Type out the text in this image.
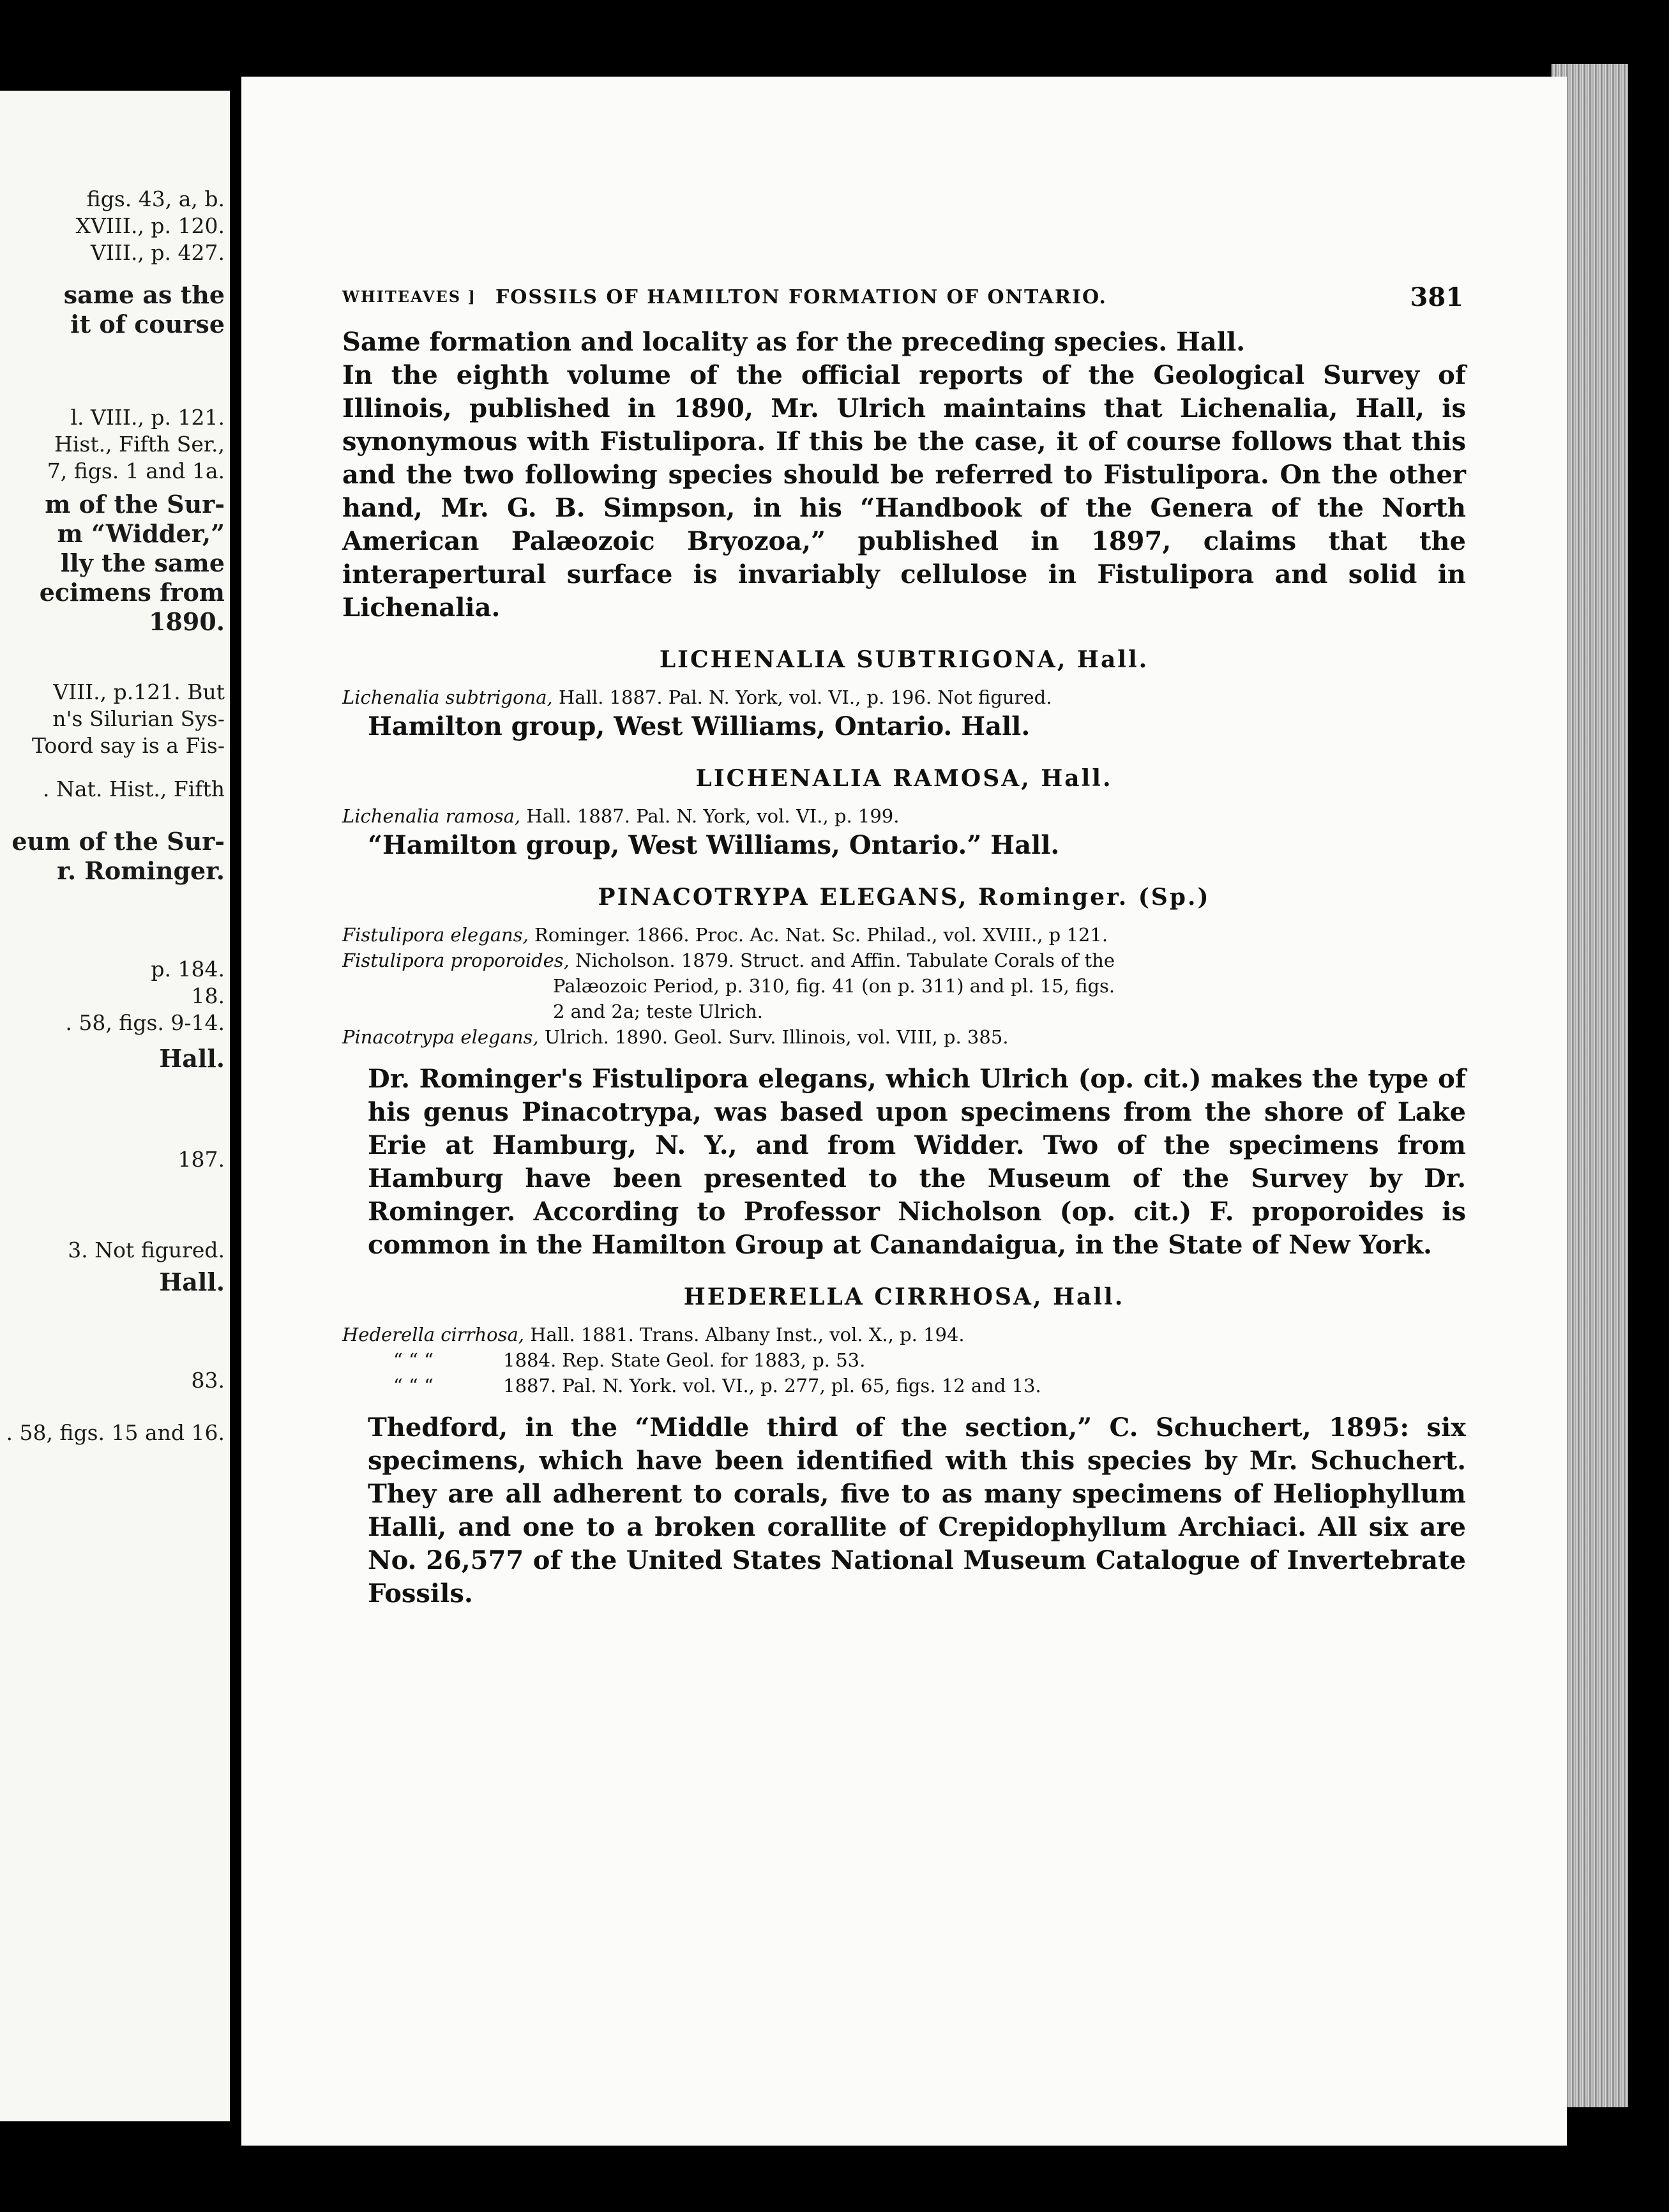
figs. 43, a, b.
XVIII., p. 120.
VIII., p. 427.
same as the
it of course
l. VIII., p. 121.
Hist., Fifth Ser.,
7, figs. 1 and 1a.
m of the Sur-
m “Widder,”
lly the same
ecimens from
1890.
VIII., p.121. But
n's Silurian Sys-
Toord say is a Fis-
. Nat. Hist., Fifth
eum of the Sur-
r. Rominger.
p. 184.
18.
. 58, figs. 9-14.
Hall.
187.
3. Not figured.
Hall.
83.
. 58, figs. 15 and 16.
WHITEAVES ] FOSSILS OF HAMILTON FORMATION OF ONTARIO.	381

Same formation and locality as for the preceding species. Hall.

In the eighth volume of the official reports of the Geological Survey of Illinois, published in 1890, Mr. Ulrich maintains that Lichenalia, Hall, is synonymous with Fistulipora. If this be the case, it of course follows that this and the two following species should be referred to Fistulipora. On the other hand, Mr. G. B. Simpson, in his “Handbook of the Genera of the North American Palæozoic Bryozoa,” published in 1897, claims that the interapertural surface is invariably cellulose in Fistulipora and solid in Lichenalia.

LICHENALIA SUBTRIGONA, Hall.

Lichenalia subtrigona, Hall. 1887. Pal. N. York, vol. VI., p. 196. Not figured.

Hamilton group, West Williams, Ontario. Hall.

LICHENALIA RAMOSA, Hall.

Lichenalia ramosa, Hall. 1887. Pal. N. York, vol. VI., p. 199.

“Hamilton group, West Williams, Ontario.” Hall.

PINACOTRYPA ELEGANS, Rominger. (Sp.)

Fistulipora elegans, Rominger. 1866. Proc. Ac. Nat. Sc. Philad., vol. XVIII., p 121.

Fistulipora proporoides, Nicholson. 1879. Struct. and Affin. Tabulate Corals of the
Palæozoic Period, p. 310, fig. 41 (on p. 311) and pl. 15, figs.
2 and 2a; teste Ulrich.

Pinacotrypa elegans, Ulrich. 1890. Geol. Surv. Illinois, vol. VIII, p. 385.

Dr. Rominger's Fistulipora elegans, which Ulrich (op. cit.) makes the type of his genus Pinacotrypa, was based upon specimens from the shore of Lake Erie at Hamburg, N. Y., and from Widder. Two of the specimens from Hamburg have been presented to the Museum of the Survey by Dr. Rominger. According to Professor Nicholson (op. cit.) F. proporoides is common in the Hamilton Group at Canandaigua, in the State of New York.

HEDERELLA CIRRHOSA, Hall.

Hederella cirrhosa, Hall. 1881. Trans. Albany Inst., vol. X., p. 194.

“ “ “	1884. Rep. State Geol. for 1883, p. 53.

“ “ “	1887. Pal. N. York. vol. VI., p. 277, pl. 65, figs. 12 and 13.

Thedford, in the “Middle third of the section,” C. Schuchert, 1895: six specimens, which have been identified with this species by Mr. Schuchert. They are all adherent to corals, five to as many specimens of Heliophyllum Halli, and one to a broken corallite of Crepidophyllum Archiaci. All six are No. 26,577 of the United States National Museum Catalogue of Invertebrate Fossils.
